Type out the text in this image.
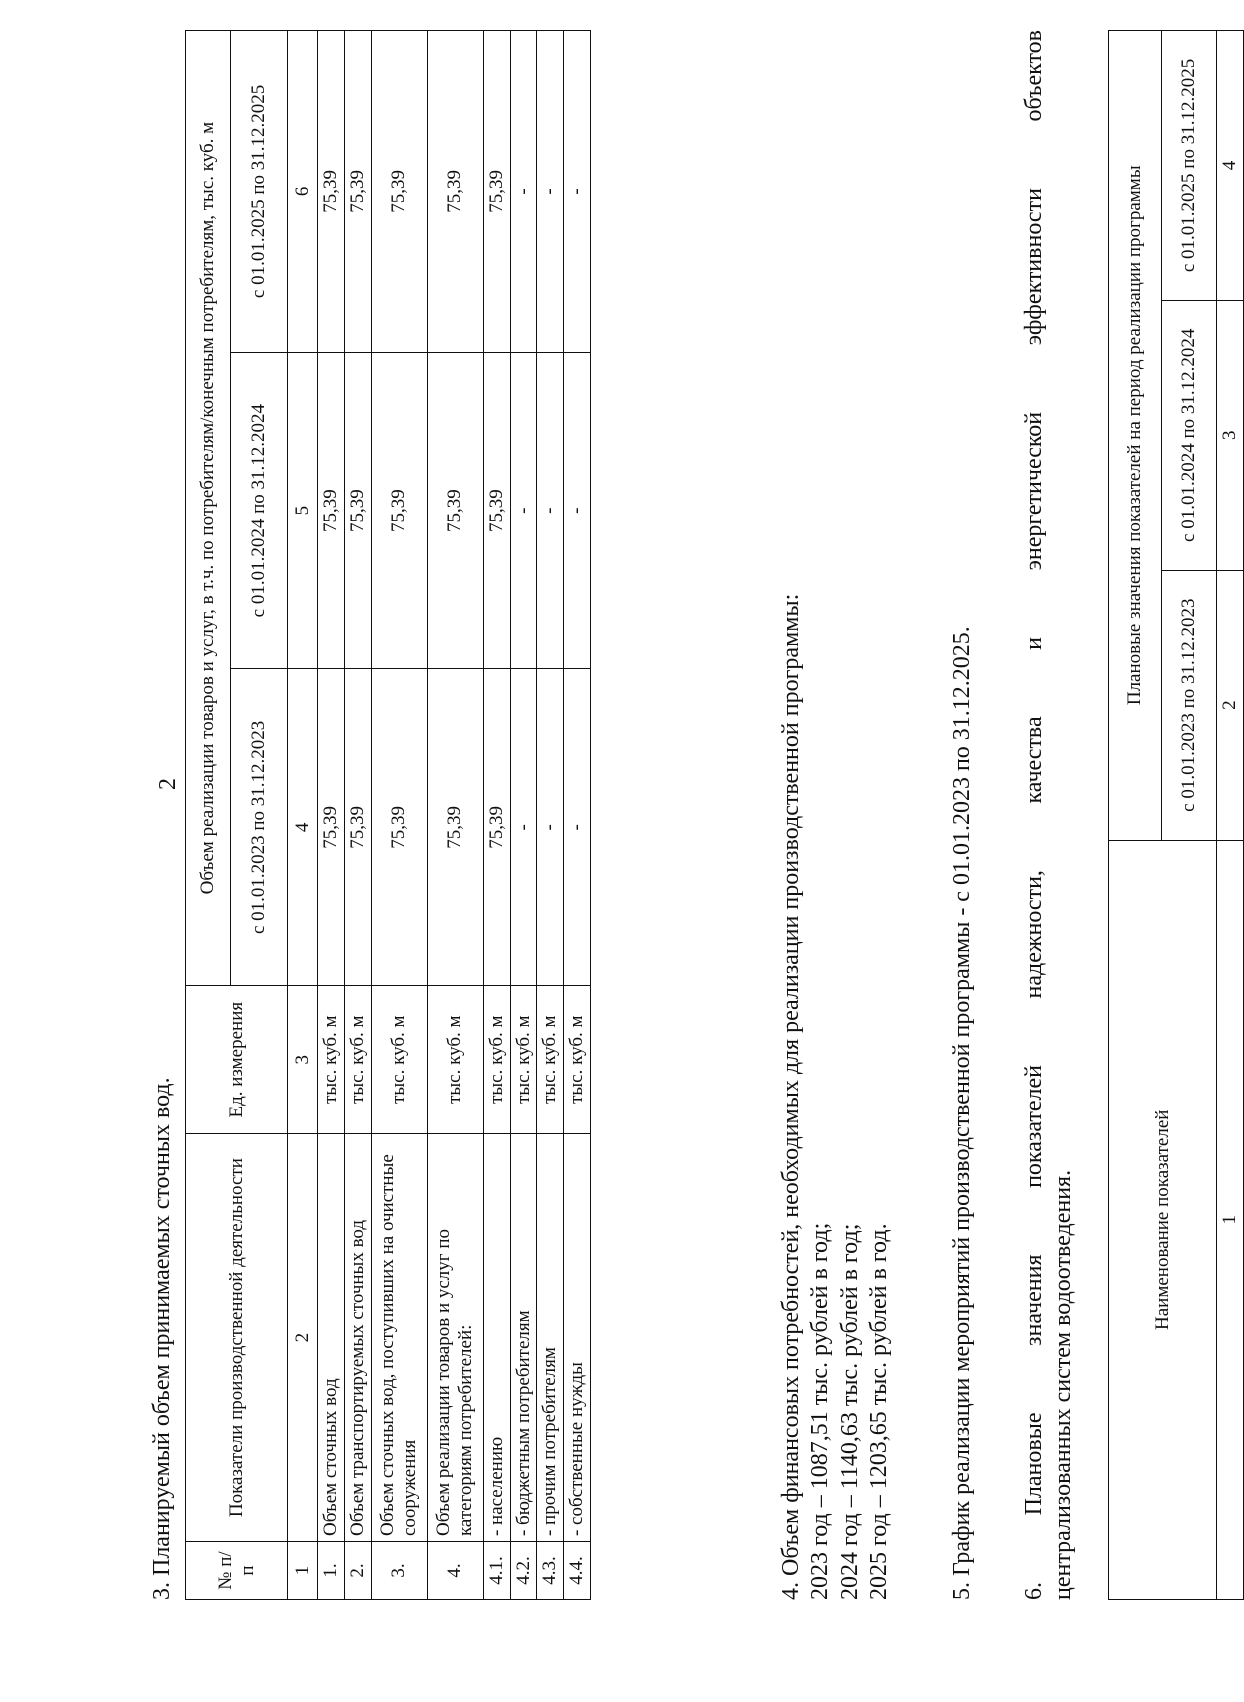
2
3. Планируемый объем принимаемых сточных вод. № п/п	Показатели производственной деятельности	Ед. измерения	Объем реализации товаров и услуг, в т.ч. по потребителям/конечным потребителям, тыс. куб. м		
			с 01.01.2023 по 31.12.2023	с 01.01.2024 по 31.12.2024	с 01.01.2025 по 31.12.2025
1	2	3	4	5	6
1.	Объем сточных вод	тыс. куб. м	75,39	75,39	75,39
2.	Объем транспортируемых сточных вод	тыс. куб. м	75,39	75,39	75,39
3.	Объем сточных вод, поступивших на очистные сооружения	тыс. куб. м	75,39	75,39	75,39
4.	Объем реализации товаров и услуг по категориям потребителей:	тыс. куб. м	75,39	75,39	75,39
4.1.	- населению	тыс. куб. м	75,39	75,39	75,39
4.2.	- бюджетным потребителям	тыс. куб. м	-	-	-
4.3.	- прочим потребителям	тыс. куб. м	-	-	-
4.4.	- собственные нужды	тыс. куб. м	-	-	-
4. Объем финансовых потребностей, необходимых для реализации производственной программы: 2023 год – 1087,51 тыс. рублей в год; 2024 год – 1140,63 тыс. рублей в год; 2025 год – 1203,65 тыс. рублей в год. 5. График реализации мероприятий производственной программы - с 01.01.2023 по 31.12.2025. 6. Плановые значения показателей надежности, качества и энергетической эффективности объектов централизованных систем водоотведения.	Наименование показателей	Плановые значения показателей на период реализации программы		
	с 01.01.2023 по 31.12.2023	с 01.01.2024 по 31.12.2024	с 01.01.2025 по 31.12.2025
1	2	3	4
